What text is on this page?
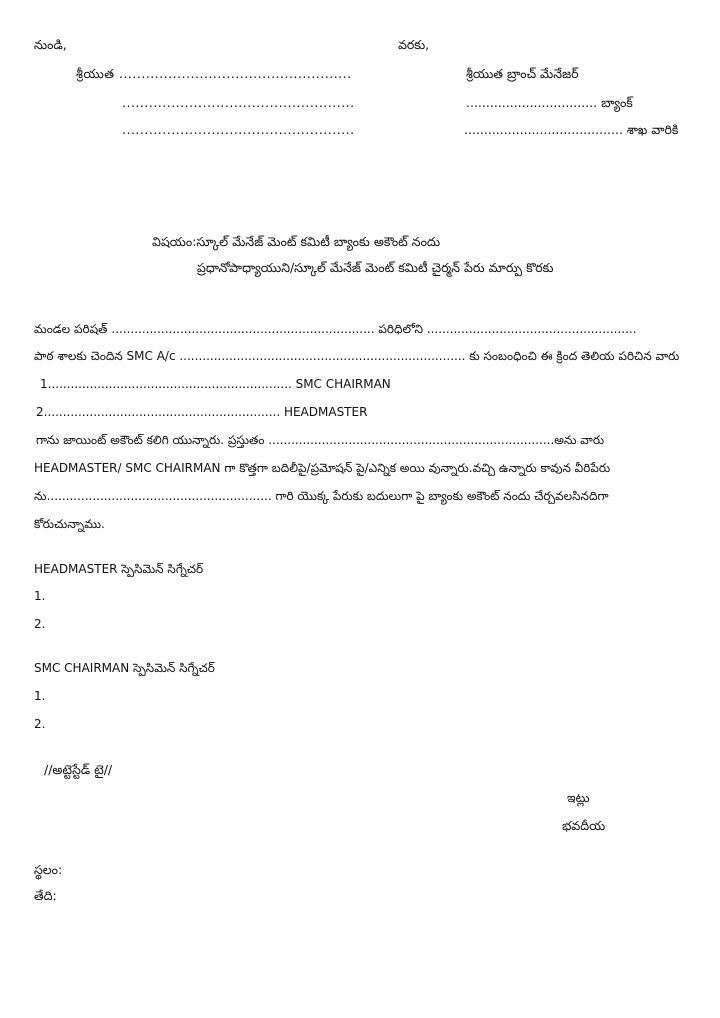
నుండి,	వరకు,
శ్రీయుత ....................................................	శ్రీయుత బ్రాంచ్ మేనేజర్
....................................................	................................. బ్యాంక్
....................................................	........................................ శాఖ వారికి
విషయం:స్కూల్ మేనేజ్ మెంట్ కమిటీ బ్యాంకు అకౌంట్ నందు
ప్రధానోపాధ్యాయుని/స్కూల్ మేనేజ్ మెంట్ కమిటీ చైర్మన్ పేరు మార్పు కొరకు
మండల పరిషత్ ..................................................................... పరిధిలోని .......................................................
పాఠ శాలకు చెందిన SMC A/c ........................................................................... కు సంబంధించి ఈ క్రింద తెలియ పరిచిన వారు
1................................................................ SMC CHAIRMAN
2.............................................................. HEADMASTER
గాను జాయింట్ అకౌంట్ కలిగి యున్నారు. ప్రస్తుతం ...........................................................................అను వారు
HEADMASTER/ SMC CHAIRMAN గా కొత్తగా బదిలీపై/ప్రమోషన్ పై/ఎన్నిక అయి వున్నారు.వచ్చి ఉన్నారు కావున వీరిపేరు
ను........................................................... గారి యొక్క పేరుకు బదులుగా పై బ్యాంకు అకౌంట్ నందు చేర్చవలసినదిగా
కోరుచున్నాము.
HEADMASTER స్పెసిమెన్ సిగ్నేచర్
1.
2.
SMC CHAIRMAN స్పెసిమెన్ సిగ్నేచర్
1.
2.
//అట్టెస్టేడ్ టై//
ఇట్లు
భవదీయ
స్థలం:
తేది:
